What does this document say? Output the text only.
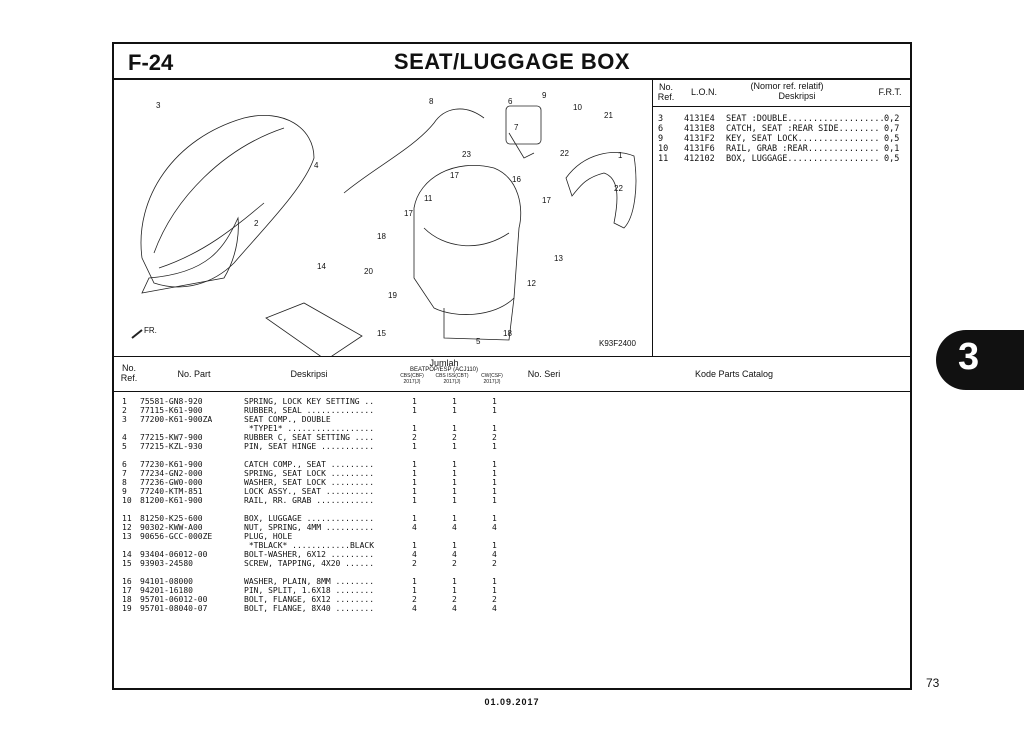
3
73
01.09.2017
F-24	SEAT/LUGGAGE BOX
3
4
2
14
8	6
9
10
21
7
23	22	1
17	16
11
17
18
20
19
22
17
13
12
15
5
18
FR.
K93F2400
No.
Ref.	L.O.N.
(Nomor ref. relatif)
Deskripsi	F.R.T.
3 4131E4 SEAT :DOUBLE................... 0,2
6 4131E8 CATCH, SEAT :REAR SIDE........ 0,7
9 4131F2 KEY, SEAT LOCK................ 0,5
10 4131F6 RAIL, GRAB :REAR.............. 0,1
11 412102 BOX, LUGGAGE.................. 0,5
No.
Ref.	No. Part	Deskripsi
Jumlah
BEATPOP/ESP (ACJ110)
CBS(CBF)
2017(J)
CBS ISS(CBT)
2017(J)
CW(CSF)
2017(J)
No. Seri	Kode Parts Catalog
1 75581-GN8-920	SPRING, LOCK KEY SETTING ..	1	1	1
2 77115-K61-900	RUBBER, SEAL ..............	1	1	1
3 77200-K61-900ZA	SEAT COMP., DOUBLE
*TYPE1* ..................	1	1	1
4 77215-KW7-900	RUBBER C, SEAT SETTING ....	2	2	2
5 77215-KZL-930	PIN, SEAT HINGE ...........	1	1	1
6 77230-K61-900	CATCH COMP., SEAT .........	1	1	1
7 77234-GN2-000	SPRING, SEAT LOCK .........	1	1	1
8 77236-GW0-000	WASHER, SEAT LOCK .........	1	1	1
9 77240-KTM-851	LOCK ASSY., SEAT ..........	1	1	1
10 81200-K61-900	RAIL, RR. GRAB ............	1	1	1
11 81250-K25-600	BOX, LUGGAGE ..............	1	1	1
12 90302-KWW-A00	NUT, SPRING, 4MM ..........	4	4	4
13 90656-GCC-000ZE	PLUG, HOLE
*TBLACK* ............BLACK	1	1	1
14 93404-06012-00	BOLT-WASHER, 6X12 .........	4	4	4
15 93903-24580	SCREW, TAPPING, 4X20 ......	2	2	2
16 94101-08000	WASHER, PLAIN, 8MM ........	1	1	1
17 94201-16180	PIN, SPLIT, 1.6X18 ........	1	1	1
18 95701-06012-00	BOLT, FLANGE, 6X12 ........	2	2	2
19 95701-08040-07	BOLT, FLANGE, 8X40 ........	4	4	4
